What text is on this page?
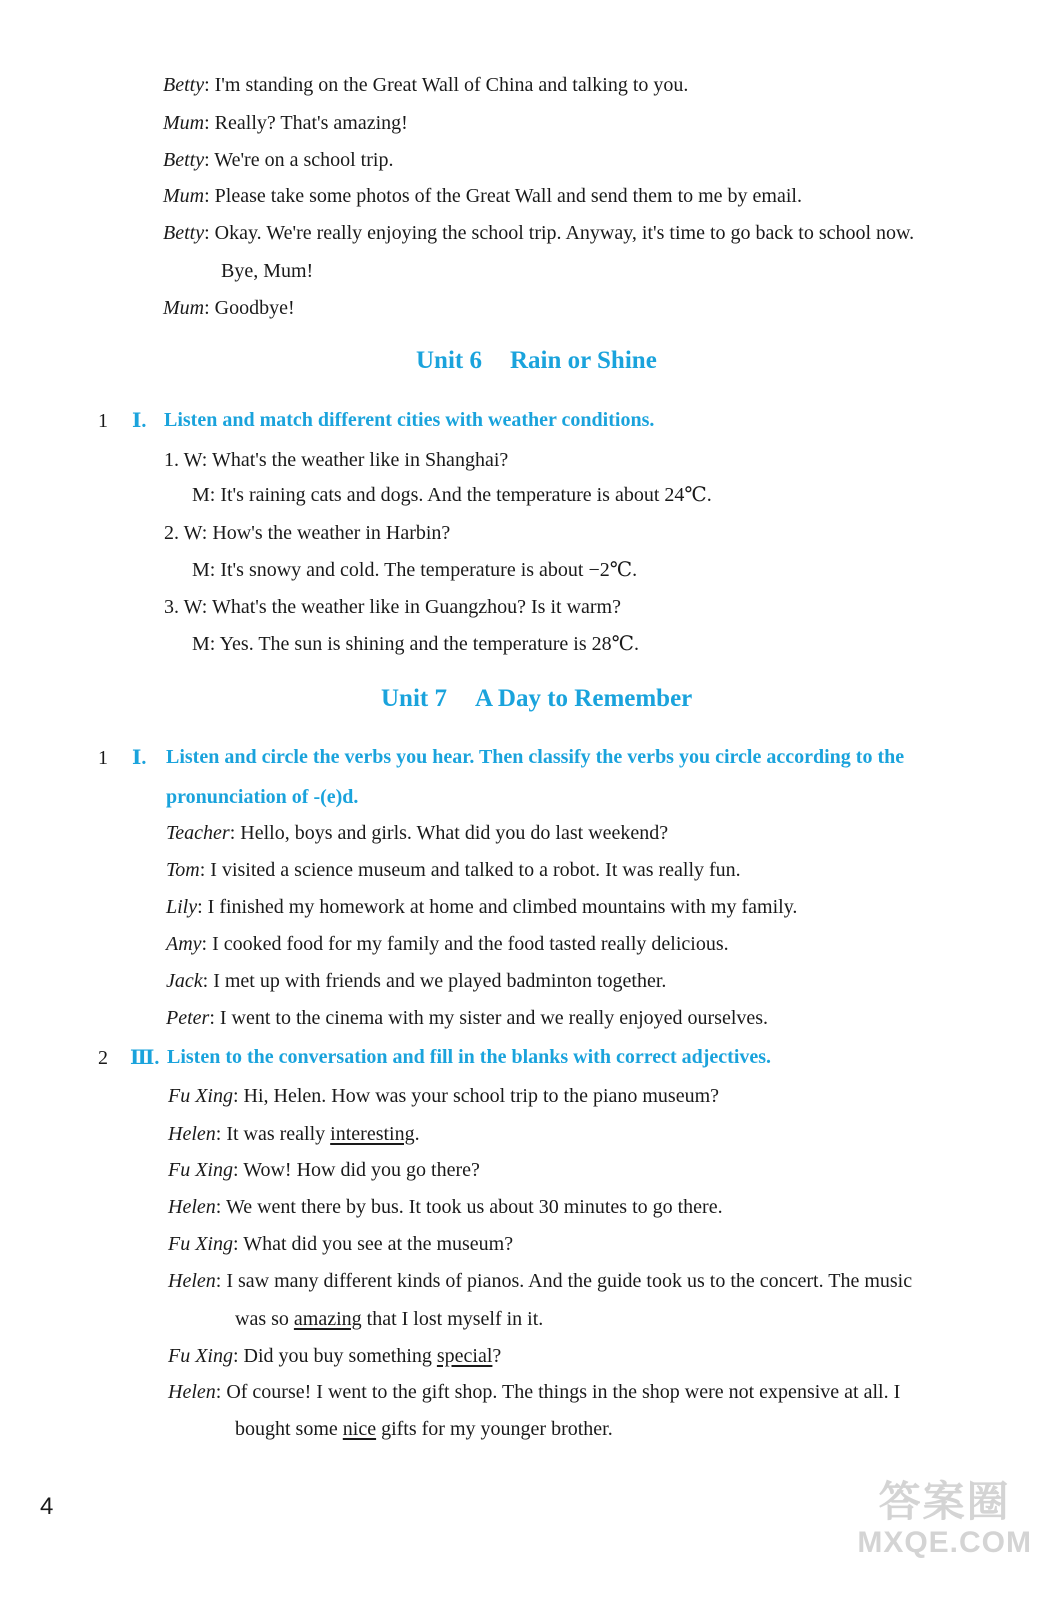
Betty: I'm standing on the Great Wall of China and talking to you.
Mum: Really? That's amazing!
Betty: We're on a school trip.
Mum: Please take some photos of the Great Wall and send them to me by email.
Betty: Okay. We're really enjoying the school trip. Anyway, it's time to go back to school now.
Bye, Mum!
Mum: Goodbye!
Unit 6 Rain or Shine
1 Ⅰ. Listen and match different cities with weather conditions.
1. W: What's the weather like in Shanghai?
M: It's raining cats and dogs. And the temperature is about 24℃.
2. W: How's the weather in Harbin?
M: It's snowy and cold. The temperature is about −2℃.
3. W: What's the weather like in Guangzhou? Is it warm?
M: Yes. The sun is shining and the temperature is 28℃.
Unit 7 A Day to Remember
1 Ⅰ. Listen and circle the verbs you hear. Then classify the verbs you circle according to the
pronunciation of -(e)d.
Teacher: Hello, boys and girls. What did you do last weekend?
Tom: I visited a science museum and talked to a robot. It was really fun.
Lily: I finished my homework at home and climbed mountains with my family.
Amy: I cooked food for my family and the food tasted really delicious.
Jack: I met up with friends and we played badminton together.
Peter: I went to the cinema with my sister and we really enjoyed ourselves.
2 Ⅲ. Listen to the conversation and fill in the blanks with correct adjectives.
Fu Xing: Hi, Helen. How was your school trip to the piano museum?
Helen: It was really interesting.
Fu Xing: Wow! How did you go there?
Helen: We went there by bus. It took us about 30 minutes to go there.
Fu Xing: What did you see at the museum?
Helen: I saw many different kinds of pianos. And the guide took us to the concert. The music
was so amazing that I lost myself in it.
Fu Xing: Did you buy something special?
Helen: Of course! I went to the gift shop. The things in the shop were not expensive at all. I
bought some nice gifts for my younger brother.
4	答案圈
MXQE.COM
